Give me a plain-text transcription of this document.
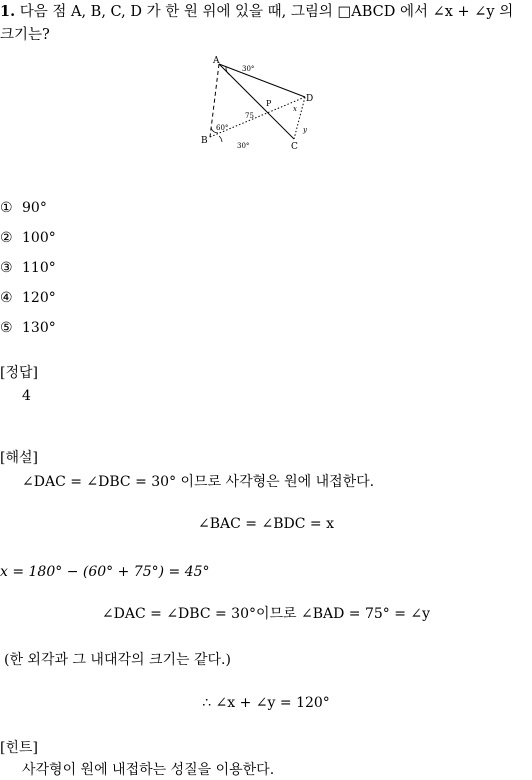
1. 다음 점 A, B, C, D 가 한 원 위에 있을 때, 그림의 □ABCD 에서 ∠x + ∠y 의
크기는?
A
B
C
D
P
30°
60°
30°
75
x
y
① 90°
② 100°
③ 110°
④ 120°
⑤ 130°
[정답]
4
[해설]
∠DAC = ∠DBC = 30° 이므로 사각형은 원에 내접한다.
∠BAC = ∠BDC = x
x = 180° − (60° + 75°) = 45°
∠DAC = ∠DBC = 30°이므로 ∠BAD = 75° = ∠y
(한 외각과 그 내대각의 크기는 같다.)
∴ ∠x + ∠y = 120°
[힌트]
사각형이 원에 내접하는 성질을 이용한다.
